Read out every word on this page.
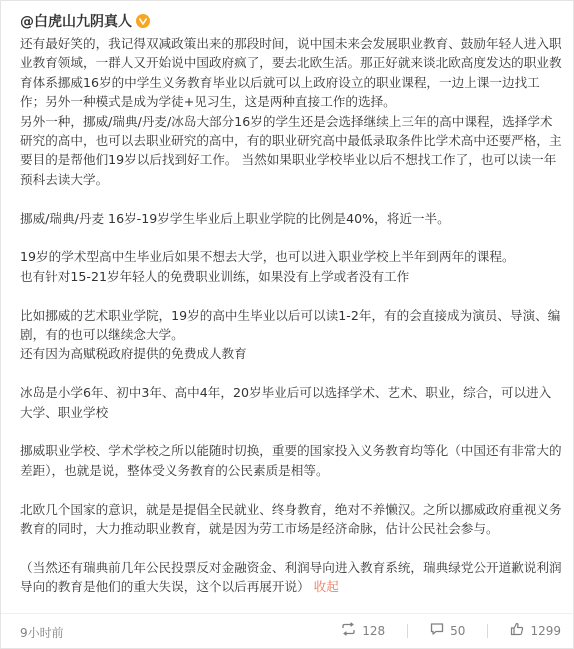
@白虎山九阴真人

还有最好笑的，我记得双减政策出来的那段时间，说中国未来会发展职业教育、鼓励年轻人进入职业教育领域，一群人又开始说中国政府疯了，要去北欧生活。那正好就来谈北欧高度发达的职业教育体系挪威16岁的中学生义务教育毕业以后就可以上政府设立的职业课程，一边上课一边找工作；另外一种模式是成为学徒+见习生，这是两种直接工作的选择。

另外一种，挪威/瑞典/丹麦/冰岛大部分16岁的学生还是会选择继续上三年的高中课程，选择学术研究的高中，也可以去职业研究的高中，有的职业研究高中最低录取条件比学术高中还要严格，主要目的是帮他们19岁以后找到好工作。 当然如果职业学校毕业以后不想找工作了，也可以读一年预科去读大学。

挪威/瑞典/丹麦 16岁-19岁学生毕业后上职业学院的比例是40%，将近一半。

19岁的学术型高中生毕业后如果不想去大学，也可以进入职业学校上半年到两年的课程。

也有针对15-21岁年轻人的免费职业训练，如果没有上学或者没有工作

比如挪威的艺术职业学院，19岁的高中生毕业以后可以读1-2年，有的会直接成为演员、导演、编剧，有的也可以继续念大学。

还有因为高赋税政府提供的免费成人教育

冰岛是小学6年、初中3年、高中4年，20岁毕业后可以选择学术、艺术、职业，综合，可以进入大学、职业学校

挪威职业学校、学术学校之所以能随时切换，重要的国家投入义务教育均等化（中国还有非常大的差距），也就是说，整体受义务教育的公民素质是相等。

北欧几个国家的意识，就是是提倡全民就业、终身教育，绝对不养懒汉。之所以挪威政府重视义务教育的同时，大力推动职业教育，就是因为劳工市场是经济命脉，估计公民社会参与。

（当然还有瑞典前几年公民投票反对金融资金、利润导向进入教育系统，瑞典绿党公开道歉说利润导向的教育是他们的重大失误，这个以后再展开说） 收起

9小时前	128	50	1299
